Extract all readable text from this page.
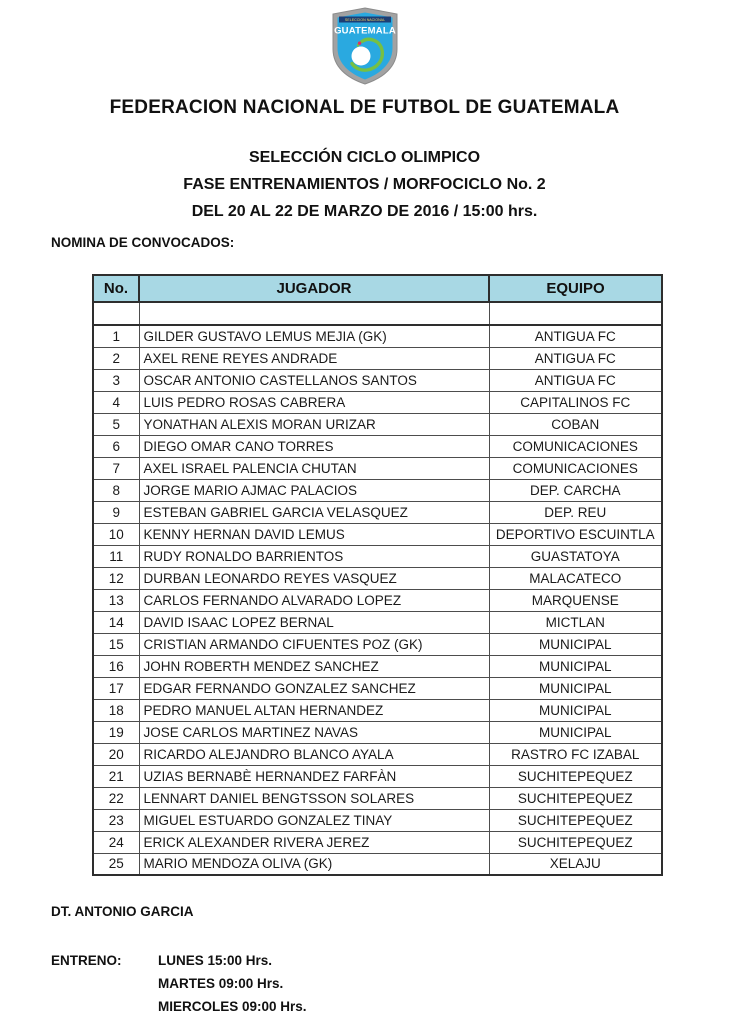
SELECCION NACIONAL
GUATEMALA
FEDERACION NACIONAL DE FUTBOL DE GUATEMALA
SELECCIÓN CICLO OLIMPICO
FASE ENTRENAMIENTOS / MORFOCICLO No. 2
DEL 20 AL 22 DE MARZO DE 2016 / 15:00 hrs.
NOMINA DE CONVOCADOS:
No.	JUGADOR	EQUIPO

1	GILDER GUSTAVO LEMUS MEJIA (GK)	ANTIGUA FC
2	AXEL RENE REYES ANDRADE	ANTIGUA FC
3	OSCAR ANTONIO CASTELLANOS SANTOS	ANTIGUA FC
4	LUIS PEDRO ROSAS CABRERA	CAPITALINOS FC
5	YONATHAN ALEXIS MORAN URIZAR	COBAN
6	DIEGO OMAR CANO TORRES	COMUNICACIONES
7	AXEL ISRAEL PALENCIA CHUTAN	COMUNICACIONES
8	JORGE MARIO AJMAC PALACIOS	DEP. CARCHA
9	ESTEBAN GABRIEL GARCIA VELASQUEZ	DEP. REU
10	KENNY HERNAN DAVID LEMUS	DEPORTIVO ESCUINTLA
11	RUDY RONALDO BARRIENTOS	GUASTATOYA
12	DURBAN LEONARDO REYES VASQUEZ	MALACATECO
13	CARLOS FERNANDO ALVARADO LOPEZ	MARQUENSE
14	DAVID ISAAC LOPEZ BERNAL	MICTLAN
15	CRISTIAN ARMANDO CIFUENTES POZ (GK)	MUNICIPAL
16	JOHN ROBERTH MENDEZ SANCHEZ	MUNICIPAL
17	EDGAR FERNANDO GONZALEZ SANCHEZ	MUNICIPAL
18	PEDRO MANUEL ALTAN HERNANDEZ	MUNICIPAL
19	JOSE CARLOS MARTINEZ NAVAS	MUNICIPAL
20	RICARDO ALEJANDRO BLANCO AYALA	RASTRO FC IZABAL
21	UZIAS BERNABÈ HERNANDEZ FARFÀN	SUCHITEPEQUEZ
22	LENNART DANIEL BENGTSSON SOLARES	SUCHITEPEQUEZ
23	MIGUEL ESTUARDO GONZALEZ TINAY	SUCHITEPEQUEZ
24	ERICK ALEXANDER RIVERA JEREZ	SUCHITEPEQUEZ
25	MARIO MENDOZA OLIVA (GK)	XELAJU
DT. ANTONIO GARCIA
ENTRENO:	LUNES 15:00 Hrs.
MARTES 09:00 Hrs.
MIERCOLES 09:00 Hrs.
